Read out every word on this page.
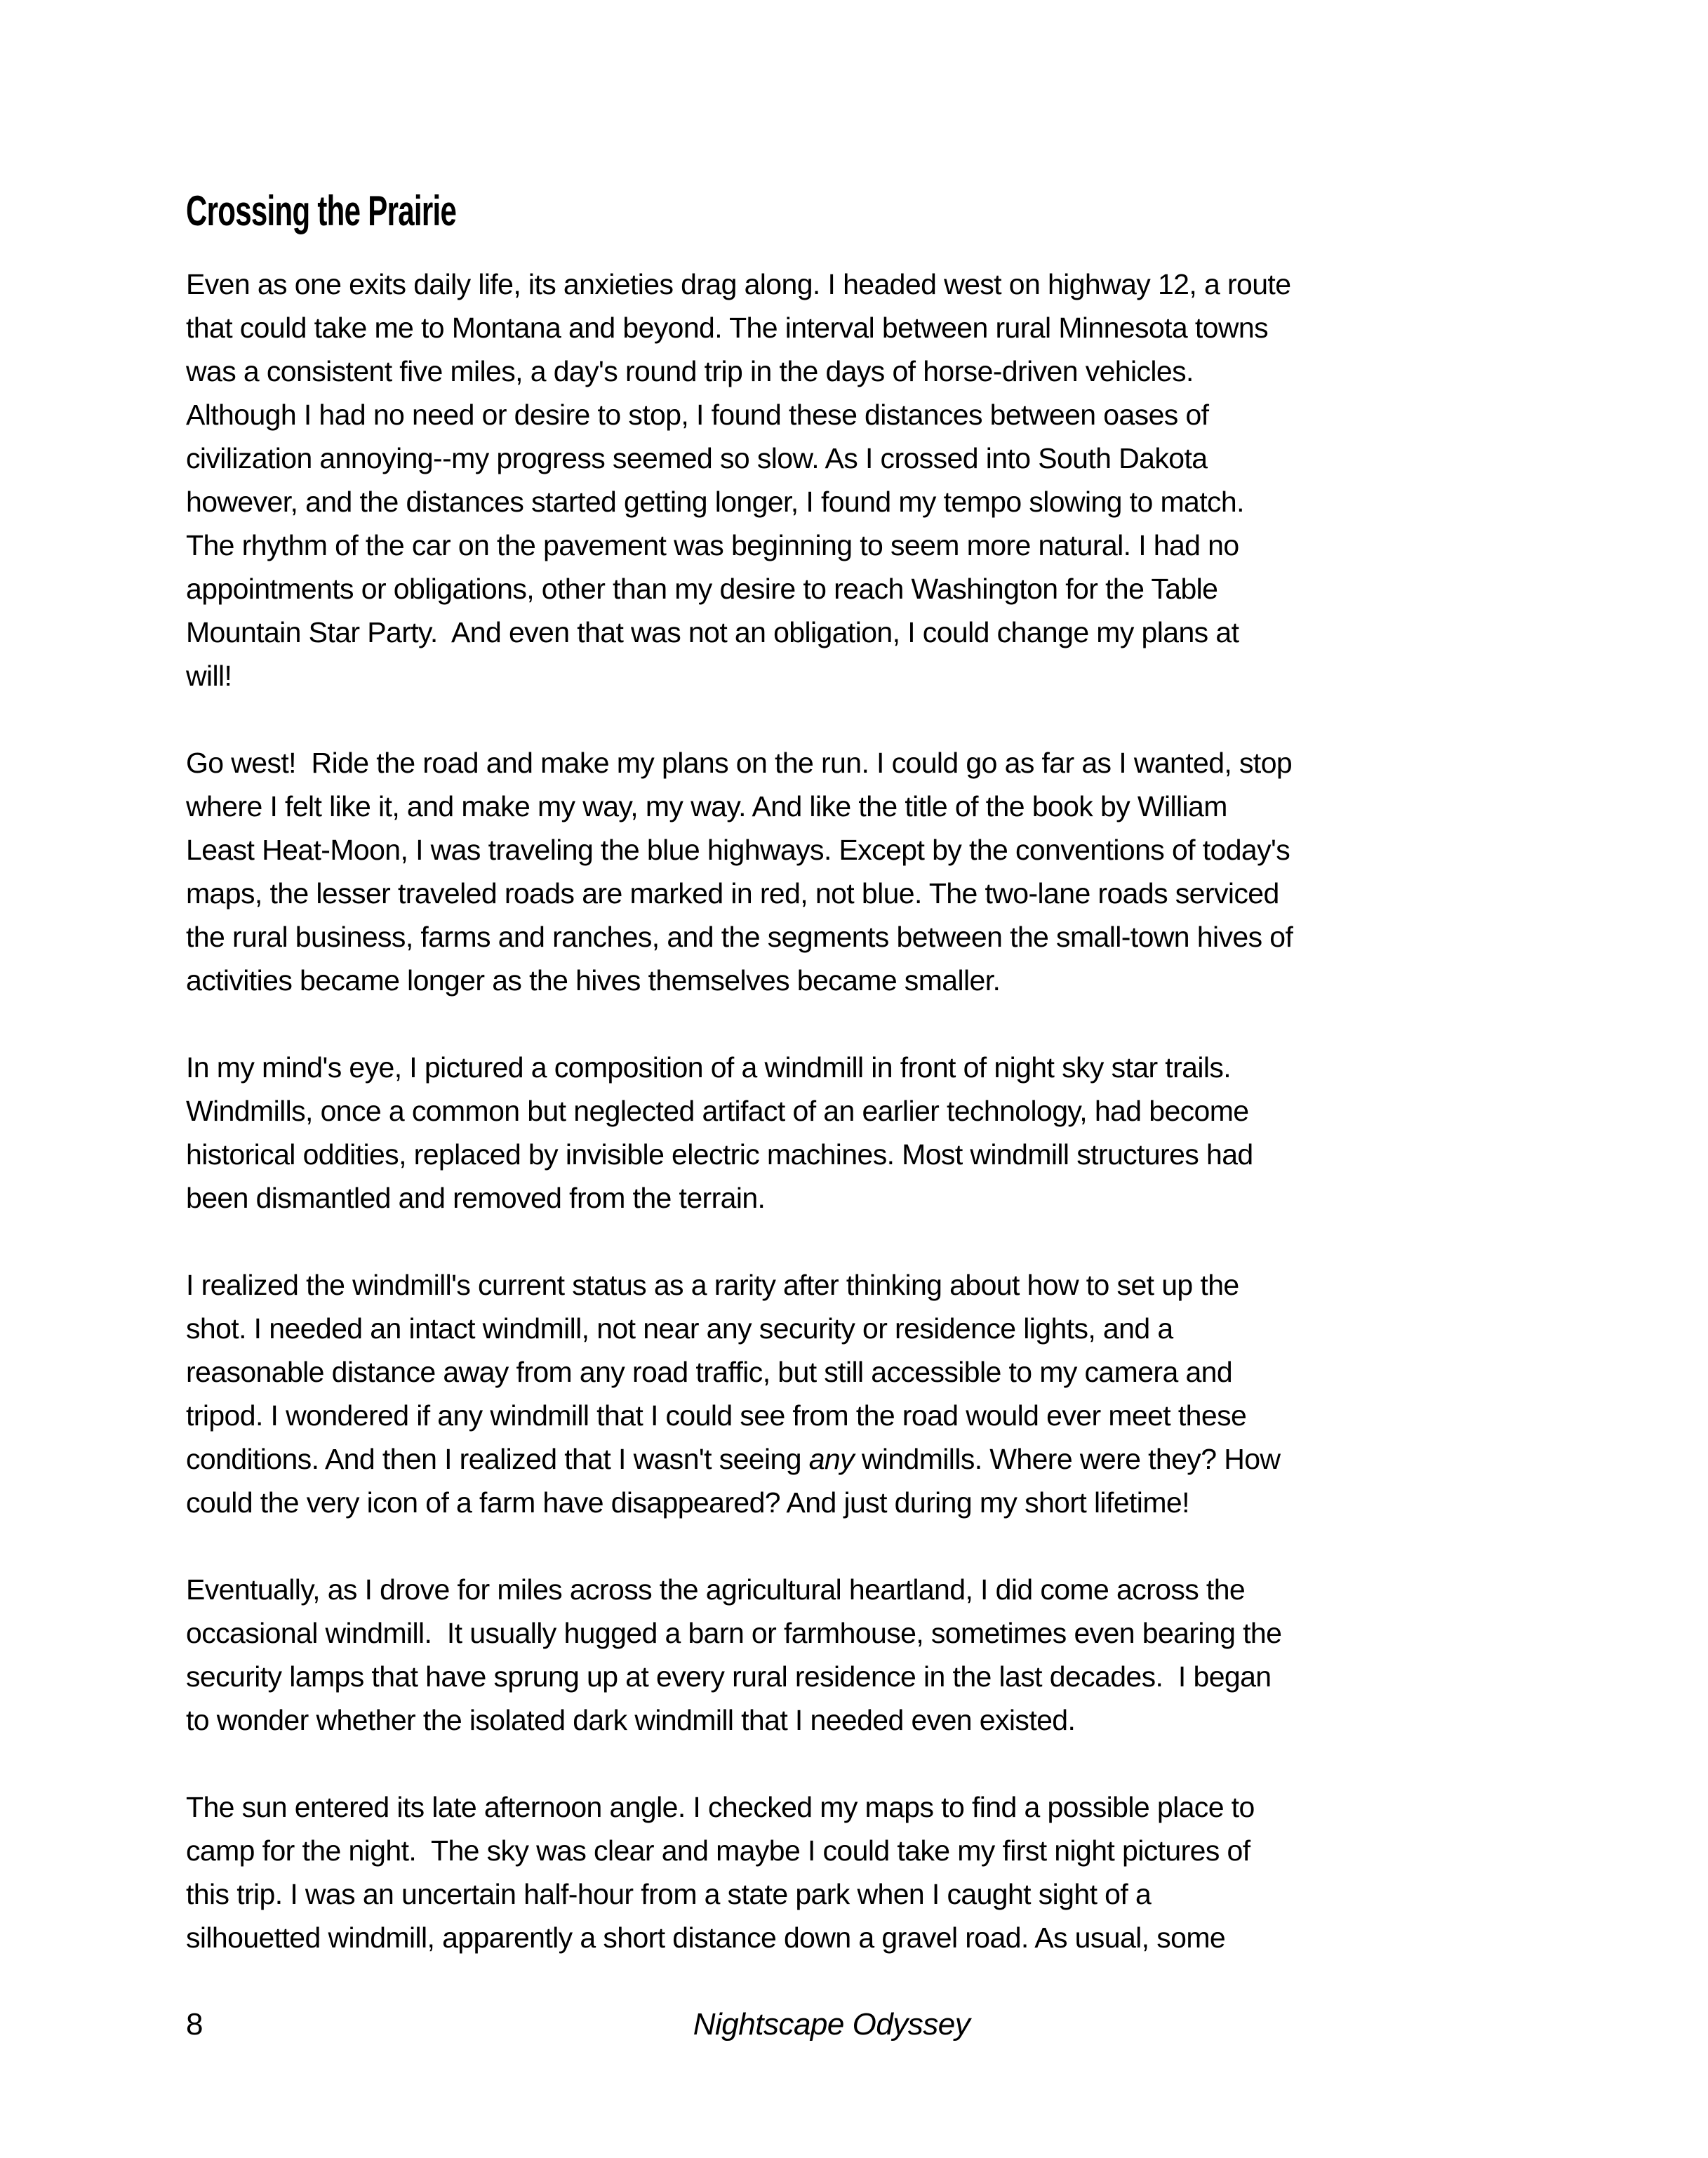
Crossing the Prairie
Even as one exits daily life, its anxieties drag along. I headed west on highway 12, a route
that could take me to Montana and beyond. The interval between rural Minnesota towns
was a consistent five miles, a day's round trip in the days of horse-driven vehicles.
Although I had no need or desire to stop, I found these distances between oases of
civilization annoying--my progress seemed so slow. As I crossed into South Dakota
however, and the distances started getting longer, I found my tempo slowing to match.
The rhythm of the car on the pavement was beginning to seem more natural. I had no
appointments or obligations, other than my desire to reach Washington for the Table
Mountain Star Party.  And even that was not an obligation, I could change my plans at
will!
Go west!  Ride the road and make my plans on the run. I could go as far as I wanted, stop
where I felt like it, and make my way, my way. And like the title of the book by William
Least Heat-Moon, I was traveling the blue highways. Except by the conventions of today's
maps, the lesser traveled roads are marked in red, not blue. The two-lane roads serviced
the rural business, farms and ranches, and the segments between the small-town hives of
activities became longer as the hives themselves became smaller.
In my mind's eye, I pictured a composition of a windmill in front of night sky star trails.
Windmills, once a common but neglected artifact of an earlier technology, had become
historical oddities, replaced by invisible electric machines. Most windmill structures had
been dismantled and removed from the terrain.
I realized the windmill's current status as a rarity after thinking about how to set up the
shot. I needed an intact windmill, not near any security or residence lights, and a
reasonable distance away from any road traffic, but still accessible to my camera and
tripod. I wondered if any windmill that I could see from the road would ever meet these
conditions. And then I realized that I wasn't seeing any windmills. Where were they? How
could the very icon of a farm have disappeared? And just during my short lifetime!
Eventually, as I drove for miles across the agricultural heartland, I did come across the
occasional windmill.  It usually hugged a barn or farmhouse, sometimes even bearing the
security lamps that have sprung up at every rural residence in the last decades.  I began
to wonder whether the isolated dark windmill that I needed even existed.
The sun entered its late afternoon angle. I checked my maps to find a possible place to
camp for the night.  The sky was clear and maybe I could take my first night pictures of
this trip. I was an uncertain half-hour from a state park when I caught sight of a
silhouetted windmill, apparently a short distance down a gravel road. As usual, some

8

	Nightscape Odyssey
